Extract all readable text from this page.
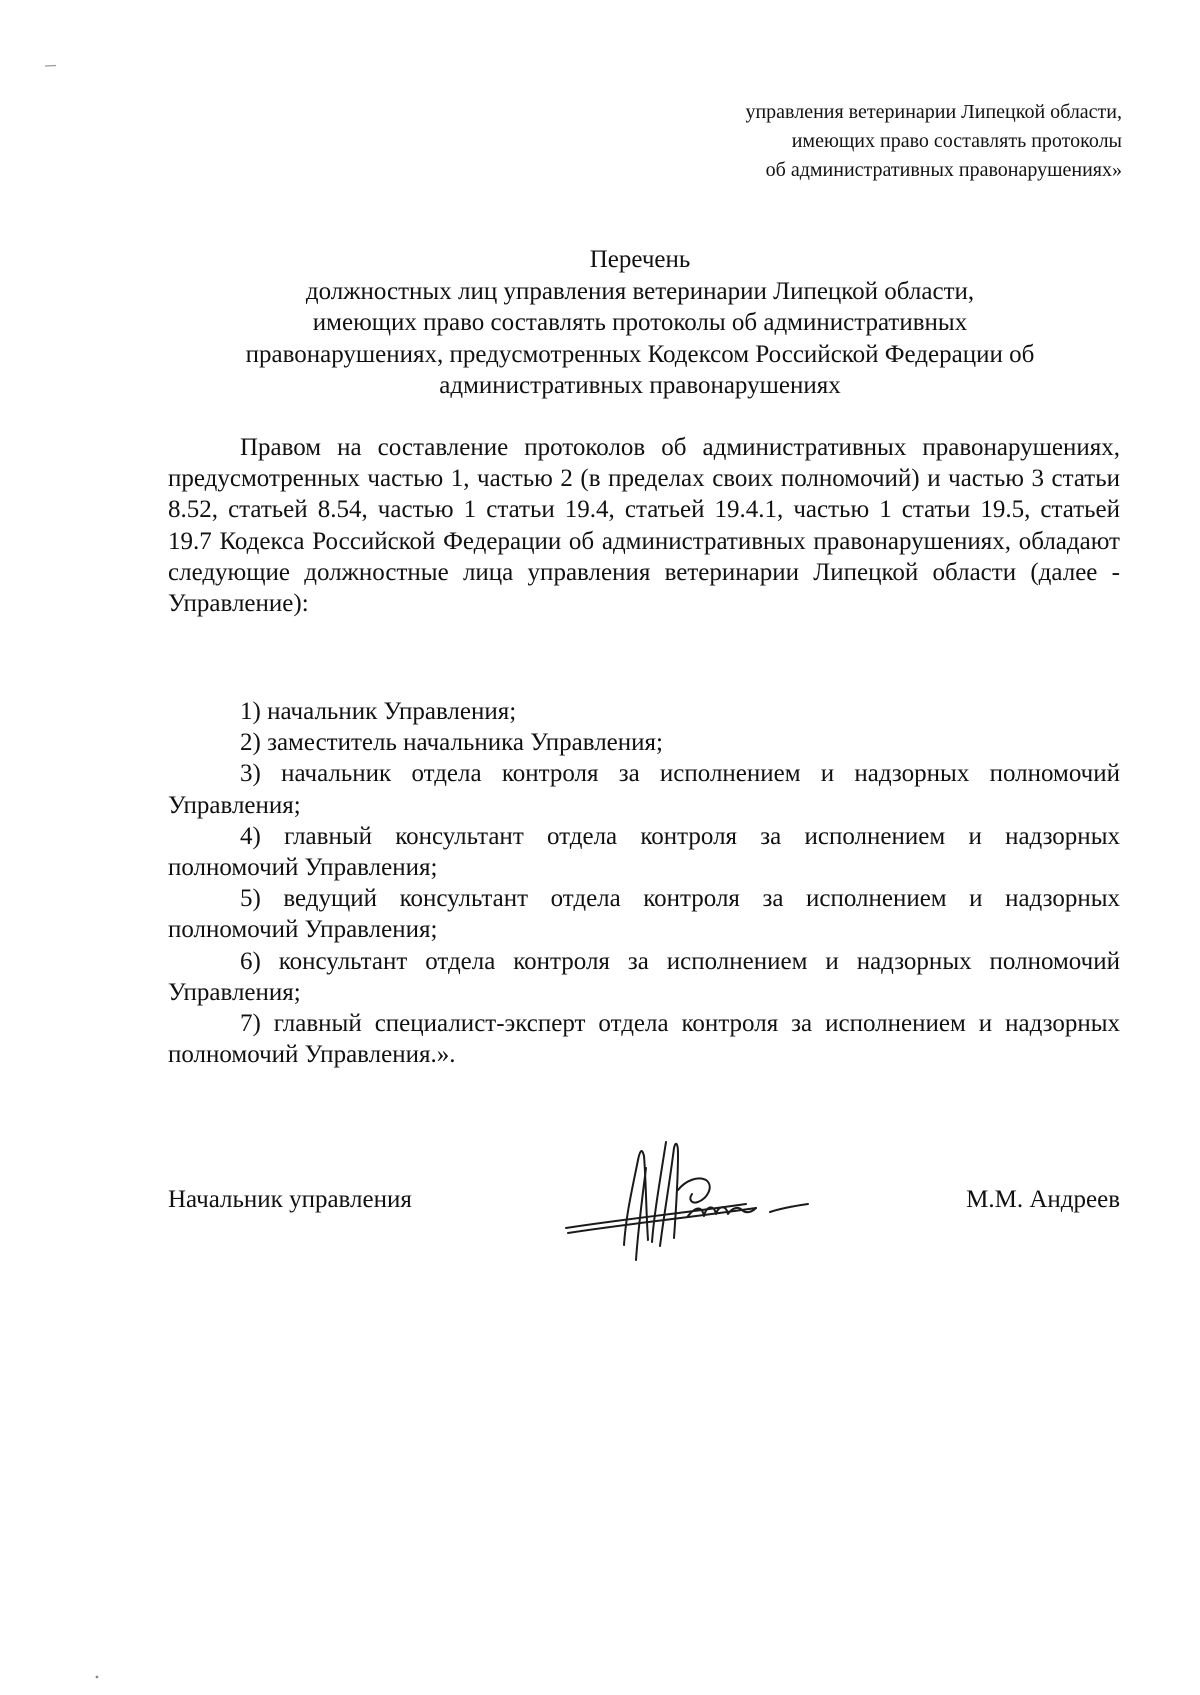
управления ветеринарии Липецкой области,
имеющих право составлять протоколы
об административных правонарушениях»
Перечень
должностных лиц управления ветеринарии Липецкой области,
имеющих право составлять протоколы об административных
правонарушениях, предусмотренных Кодексом Российской Федерации об
административных правонарушениях

Правом на составление протоколов об административных правонарушениях, предусмотренных частью 1, частью 2 (в пределах своих полномочий) и частью 3 статьи 8.52, статьей 8.54, частью 1 статьи 19.4, статьей 19.4.1, частью 1 статьи 19.5, статьей 19.7 Кодекса Российской Федерации об административных правонарушениях, обладают следующие должностные лица управления ветеринарии Липецкой области (далее - Управление):

1) начальник Управления;

2) заместитель начальника Управления;

3) начальник отдела контроля за исполнением и надзорных полномочий Управления;

4) главный консультант отдела контроля за исполнением и надзорных полномочий Управления;

5) ведущий консультант отдела контроля за исполнением и надзорных полномочий Управления;

6) консультант отдела контроля за исполнением и надзорных полномочий Управления;

7) главный специалист-эксперт отдела контроля за исполнением и надзорных полномочий Управления.».

Начальник управления	М.М. Андреев
